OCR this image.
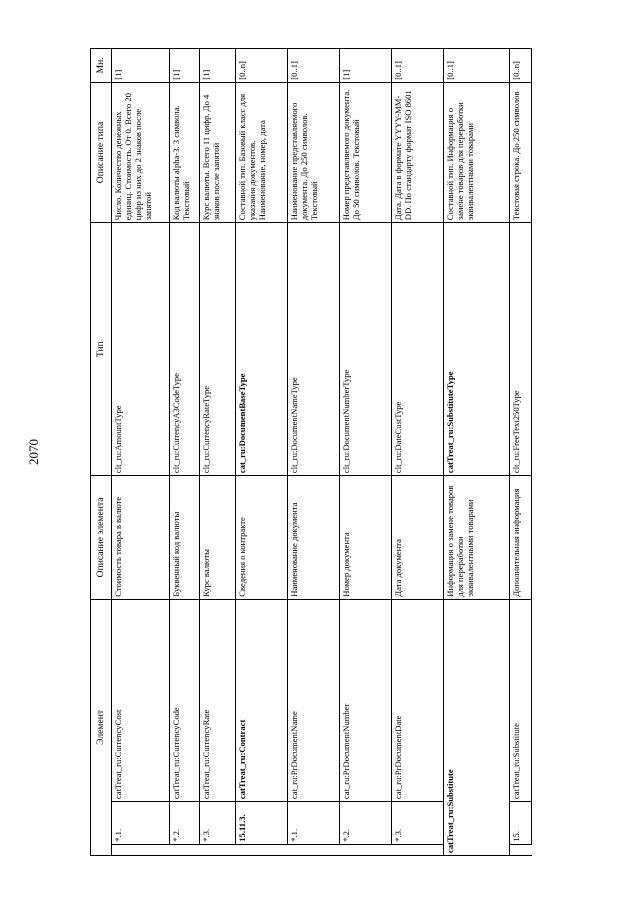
2070
Элемент			Описание элемента	Тип	Описание типа	Мн.
	*.1.	catTreat_ru:CurrencyCost	Стоимость товара в валюте	clt_ru:AmountType	Число. Количество денежных единиц. Стоимость. От 0. Всего 20 цифр из них до 2 знаков после запятой	[1]
	*.2.	catTreat_ru:CurrencyCode	Буквенный код валюты	clt_ru:CurrencyA3CodeType	Код валюты alpha-3. 3 символа. Текстовый	[1]
	*.3.	catTreat_ru:CurrencyRate	Курс валюты	clt_ru:CurrencyRateType	Курс валюты. Всего 11 цифр. До 4 знаков после запятой	[1]
	15.11.3.	catTreat_ru:Contract	Сведения о контракте	cat_ru:DocumentBaseType	Составной тип. Базовый класс для указания документов. Наименование, номер, дата	[0..n]
	*.1.	cat_ru:PrDocumentName	Наименование документа	clt_ru:DocumentNameType	Наименование представляемого документа. До 250 символов. Текстовый	[0..1]
	*.2.	cat_ru:PrDocumentNumber	Номер документа	clt_ru:DocumentNumberType	Номер представляемого документа. До 50 символов. Текстовый	[1]
	*.3.	cat_ru:PrDocumentDate	Дата документа	clt_ru:DateCustType	Дата. Дата в формате YYYY-MM-DD. По стандарту формат ISO 8601	[0..1]
catTreat_ru:Substitute			Информация о замене товаров для переработки эквивалентными товарами	catTreat_ru:SubstituteType	Составной тип. Информация о замене товаров для переработки эквивалентными товарами	[0..1]
	15.	catTreat_ru:Substitute	Дополнительная информация	clt_ru:FreeText250Type	Текстовая строка. До 250 символов	[0..n]
